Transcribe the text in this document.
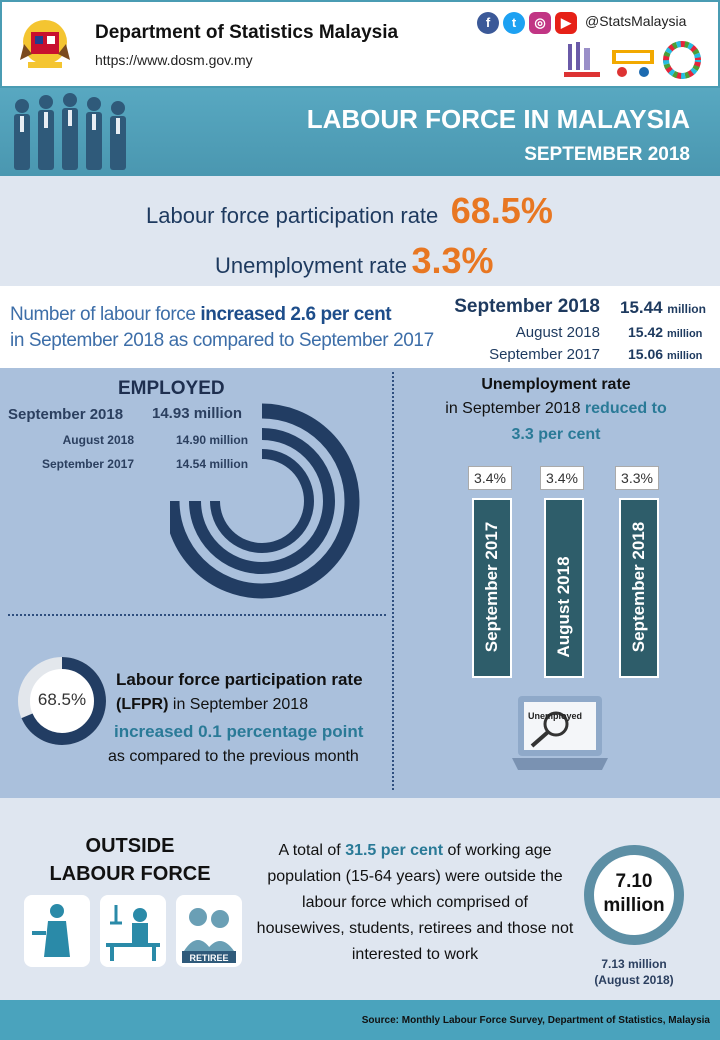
Department of Statistics Malaysia
https://www.dosm.gov.my
f	t	◎	▶	@StatsMalaysia
LABOUR FORCE IN MALAYSIA
SEPTEMBER 2018
Labour force participation rate 68.5%
Unemployment rate 3.3%
Number of labour force increased 2.6 per cent
in September 2018 as compared to September 2017
September 2018 15.44 million
August 2018 15.42 million
September 2017 15.06 million
EMPLOYED
September 2018 14.93 million
August 2018	14.90 million
September 2017	14.54 million
Unemployment rate
in September 2018 reduced to
3.3 per cent
3.4%
September 2017
3.4%
August 2018
3.3%
September 2018
Unemployed
68.5%
Labour force participation rate
(LFPR) in September 2018
increased 0.1 percentage point
as compared to the previous month
OUTSIDE
LABOUR FORCE
RETIREE
A total of 31.5 per cent of working age population (15-64 years) were outside the labour force which comprised of housewives, students, retirees and those not interested to work
7.10
million
7.13 million
(August 2018)
Source: Monthly Labour Force Survey, Department of Statistics, Malaysia
